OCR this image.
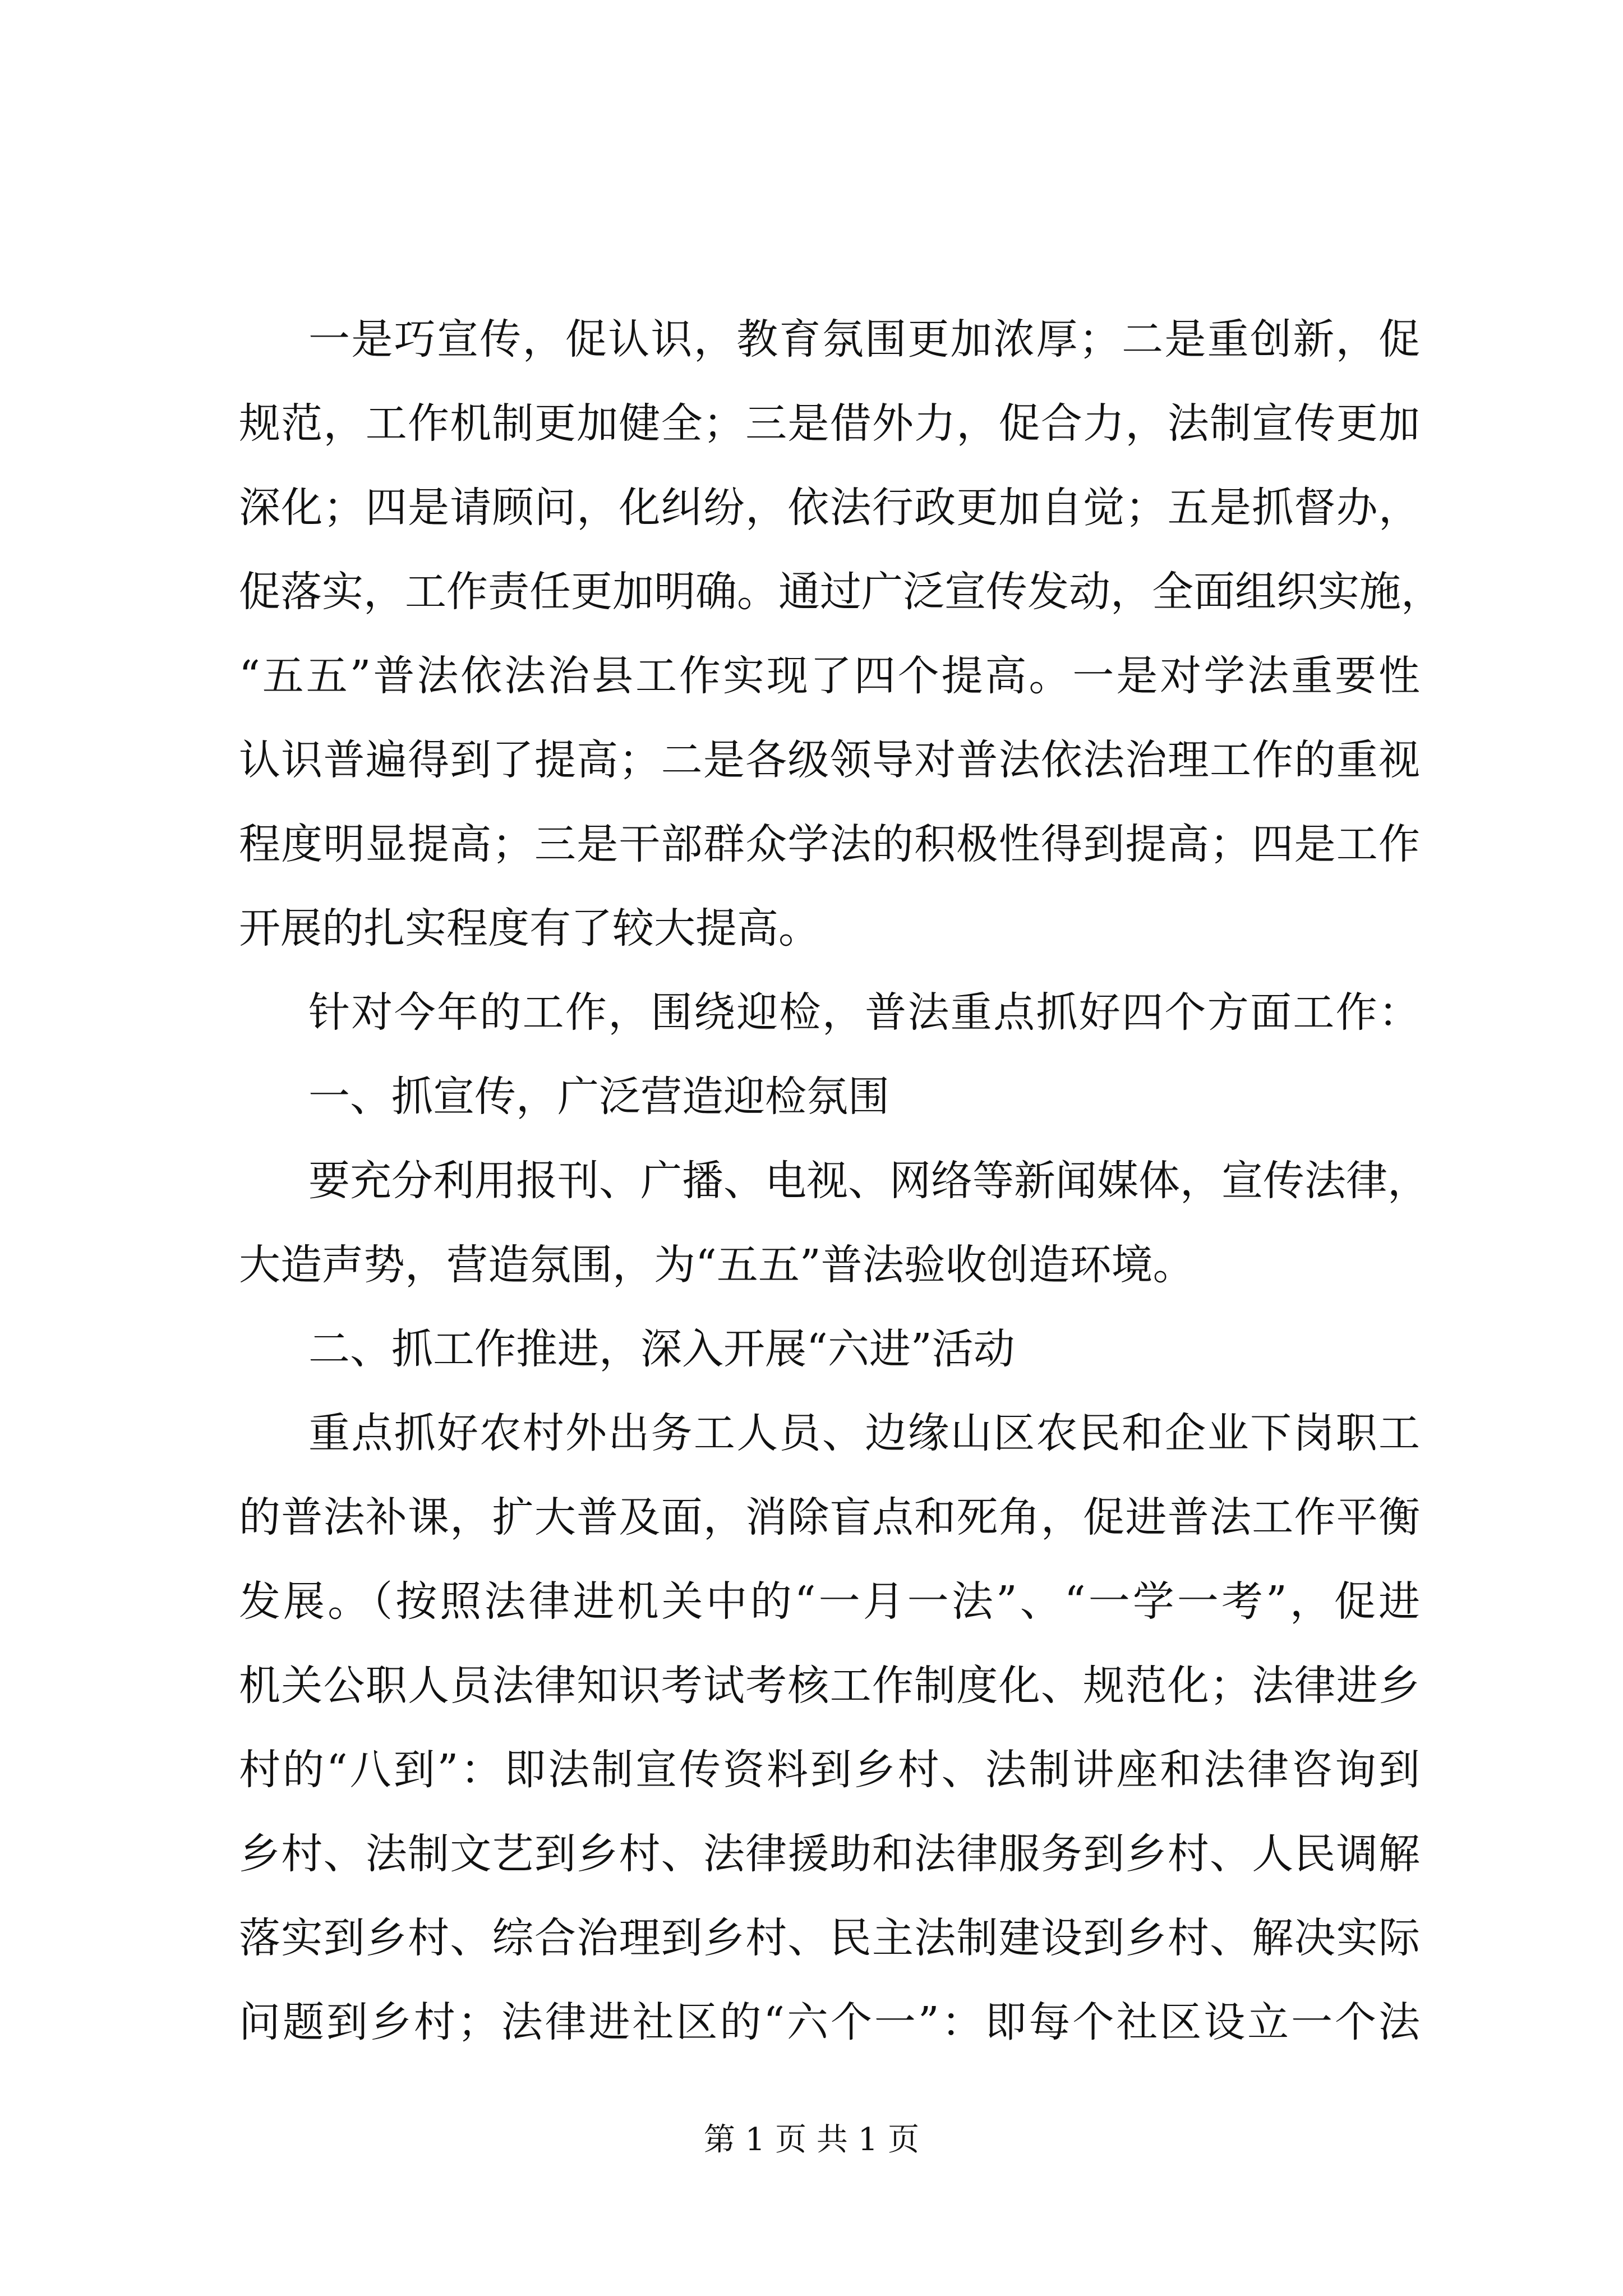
一是巧宣传，促认识，教育氛围更加浓厚；二是重创新，促
规范，工作机制更加健全；三是借外力，促合力，法制宣传更加
深化；四是请顾问，化纠纷，依法行政更加自觉；五是抓督办，
促落实，工作责任更加明确。通过广泛宣传发动，全面组织实施，
“五五”普法依法治县工作实现了四个提高。一是对学法重要性
认识普遍得到了提高；二是各级领导对普法依法治理工作的重视
程度明显提高；三是干部群众学法的积极性得到提高；四是工作
开展的扎实程度有了较大提高。
针对今年的工作，围绕迎检，普法重点抓好四个方面工作：
一、抓宣传，广泛营造迎检氛围
要充分利用报刊、广播、电视、网络等新闻媒体，宣传法律，
大造声势，营造氛围，为“五五”普法验收创造环境。
二、抓工作推进，深入开展“六进”活动
重点抓好农村外出务工人员、边缘山区农民和企业下岗职工
的普法补课，扩大普及面，消除盲点和死角，促进普法工作平衡
发展。（按照法律进机关中的“一月一法”、“一学一考”，促进
机关公职人员法律知识考试考核工作制度化、规范化；法律进乡
村的“八到”：即法制宣传资料到乡村、法制讲座和法律咨询到
乡村、法制文艺到乡村、法律援助和法律服务到乡村、人民调解
落实到乡村、综合治理到乡村、民主法制建设到乡村、解决实际
问题到乡村；法律进社区的“六个一”：即每个社区设立一个法
第 1 页 共 1 页
